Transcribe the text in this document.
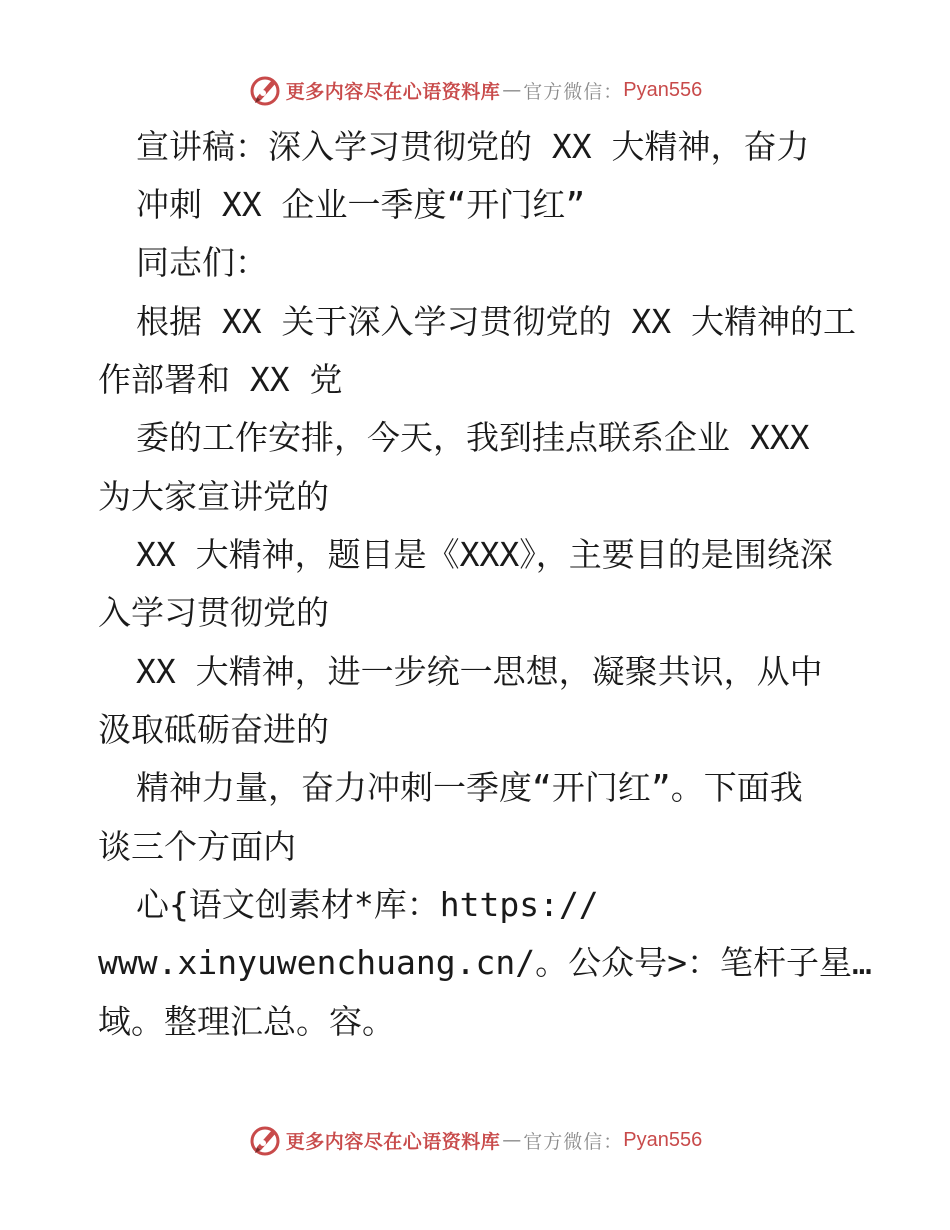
更多内容尽在心语资料库 — 官方微信： Pyan556
宣讲稿：深入学习贯彻党的 XX 大精神，奋力
冲刺 XX 企业一季度“开门红”
同志们：
根据 XX 关于深入学习贯彻党的 XX 大精神的工
作部署和 XX 党
委的工作安排，今天，我到挂点联系企业 XXX
为大家宣讲党的
XX 大精神，题目是《XXX》，主要目的是围绕深
入学习贯彻党的
XX 大精神，进一步统一思想，凝聚共识，从中
汲取砥砺奋进的
精神力量，奋力冲刺一季度“开门红”。下面我
谈三个方面内
心{语文创素材*库：https://
www.xinyuwenchuang.cn/。公众号>：笔杆子星…
域。整理汇总。容。
更多内容尽在心语资料库 — 官方微信： Pyan556
